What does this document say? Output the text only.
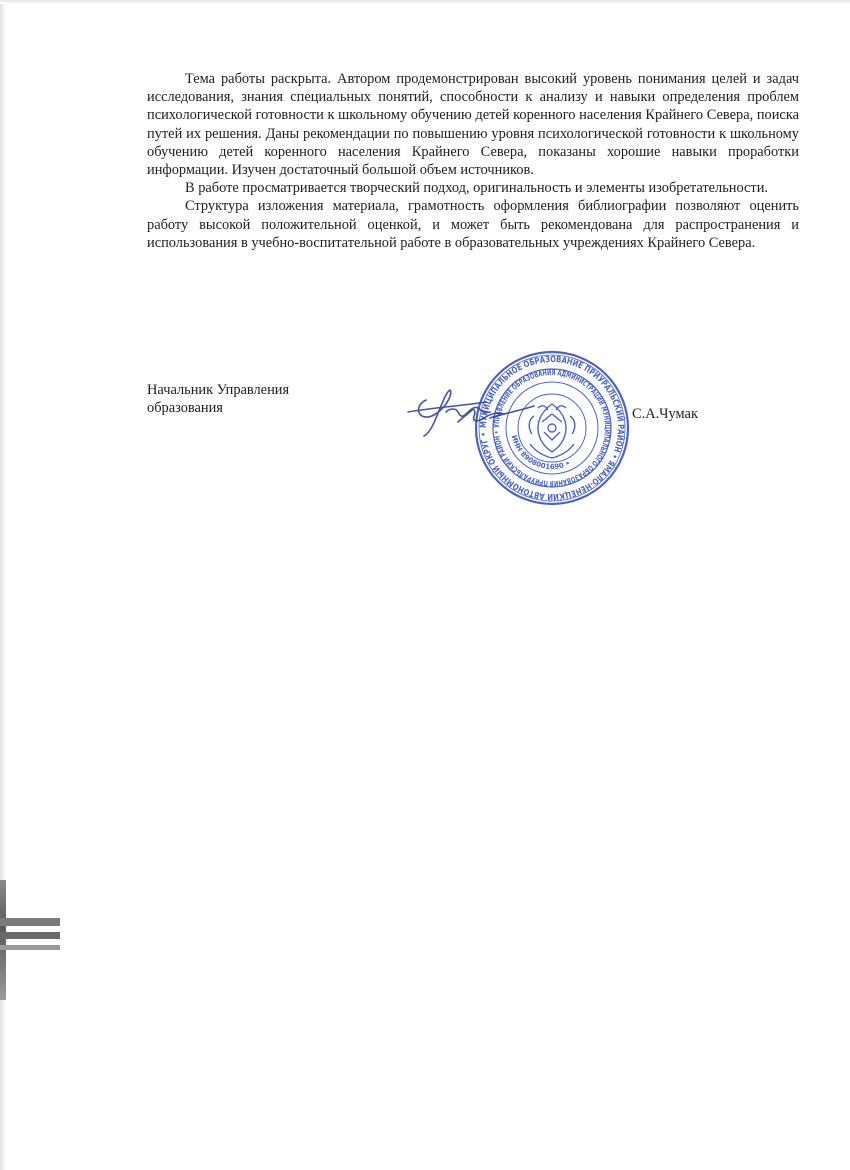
Тема работы раскрыта. Автором продемонстрирован высокий уровень понимания целей и задач исследования, знания специальных понятий, способности к анализу и навыки определения проблем психологической готовности к школьному обучению детей коренного населения Крайнего Севера, поиска путей их решения. Даны рекомендации по повышению уровня психологической готовности к школьному обучению детей коренного населения Крайнего Севера, показаны хорошие навыки проработки информации. Изучен достаточный большой объем источников.

В работе просматривается творческий подход, оригинальность и элементы изобретательности.

Структура изложения материала, грамотность оформления библиографии позволяют оценить работу высокой положительной оценкой, и может быть рекомендована для распространения и использования в учебно-воспитательной работе в образовательных учреждениях Крайнего Севера.

Начальник Управления
образования
МУНИЦИПАЛЬНОЕ ОБРАЗОВАНИЕ ПРИУРАЛЬСКИЙ РАЙОН • ЯМАЛО-НЕНЕЦКИЙ АВТОНОМНЫЙ ОКРУГ •
УПРАВЛЕНИЕ ОБРАЗОВАНИЯ АДМИНИСТРАЦИИ МУНИЦИПАЛЬНОГО ОБРАЗОВАНИЯ ПРИУРАЛЬСКИЙ РАЙОН •
ИНН 8908001690 •
С.А.Чумак
